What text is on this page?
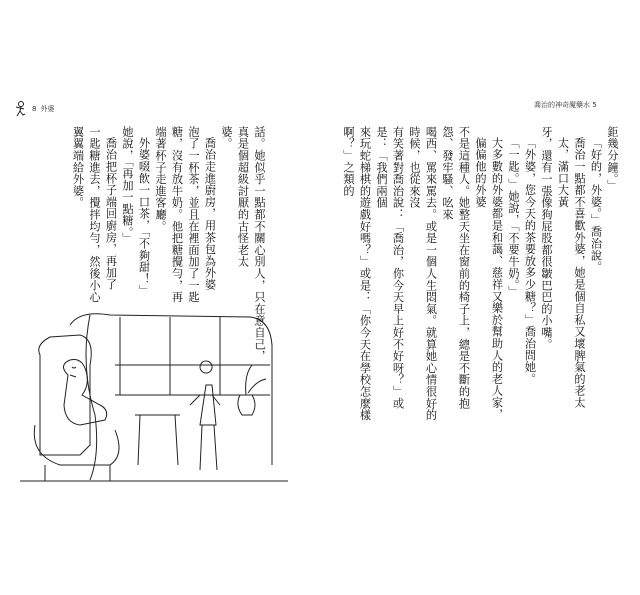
8 外婆
話。她似乎一點都不關心別人，只在意自己，真是個超級討厭的古怪老太
婆。
喬治走進廚房，用茶包為外婆
泡了一杯茶，並且在裡面加了一匙
糖，沒有放牛奶。他把糖攪勻，再
端著杯子走進客廳。
外婆啜飲一口茶，「不夠甜！」
她說，「再加一點糖。」
喬治把杯子端回廚房，再加了
一匙糖進去，攪拌均勻，然後小心
翼翼端給外婆。
喬治的神奇魔藥水 5
鉅幾分鐘。」
「好的，外婆。」喬治說。
喬治一點都不喜歡外婆，她是個自私又壞脾氣的老太太，滿口大黃
牙，還有一張像狗屁股都很皺巴巴的小嘴。
「外婆，您今天的茶要放多少糖？」喬治問她。
「一匙。」她說，「不要牛奶。」
大多數的外婆都是和藹、慈祥又樂於幫助人的老人家，偏偏他的外婆
不是這種人。她整天坐在窗前的椅子上，總是不斷的抱怨、發牢騷、吆來
喝西、罵來罵去。或是一個人生悶氣。就算她心情很好的時候，也從來沒
有笑著對喬治說：「喬治，你今天早上好不好呀？」或是：「我們兩個
來玩蛇梯棋的遊戲好嗎？」或是：「你今天在學校怎麼樣啊？」之類的
